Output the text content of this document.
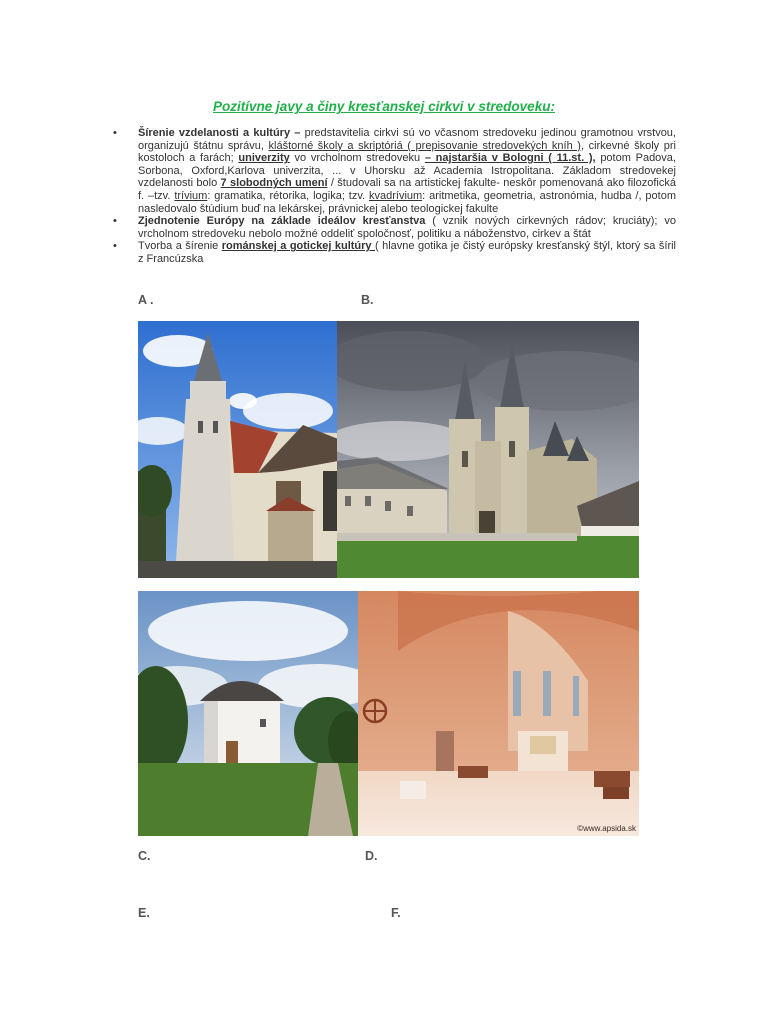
Pozitívne javy a činy kresťanskej cirkvi v stredoveku:
• Šírenie vzdelanosti a kultúry – predstavitelia cirkvi sú vo včasnom stredoveku jedinou gramotnou vrstvou, organizujú štátnu správu, kláštorné školy a skriptóriá ( prepisovanie stredovekých kníh ), cirkevné školy pri kostoloch a farách; univerzity vo vrcholnom stredoveku – najstaršia v Bologni ( 11.st. ), potom Padova, Sorbona, Oxford,Karlova univerzita, ... v Uhorsku až Academia Istropolitana. Základom stredovekej vzdelanosti bolo 7 slobodných umení / študovali sa na artistickej fakulte- neskôr pomenovaná ako filozofická f. –tzv. trívium: gramatika, rétorika, logika; tzv. kvadrívium: aritmetika, geometria, astronómia, hudba /, potom nasledovalo štúdium buď na lekárskej, právnickej alebo teologickej fakulte
• Zjednotenie Európy na základe ideálov kresťanstva ( vznik nových cirkevných rádov; kruciáty); vo vrcholnom stredoveku nebolo možné oddeliť spoločnosť, politiku a náboženstvo, cirkev a štát
• Tvorba a šírenie románskej a gotickej kultúry ( hlavne gotika je čistý európsky kresťanský štýl, ktorý sa šíril z Francúzska
A .	B.
©www.apsida.sk
C.	D.
E.	F.
